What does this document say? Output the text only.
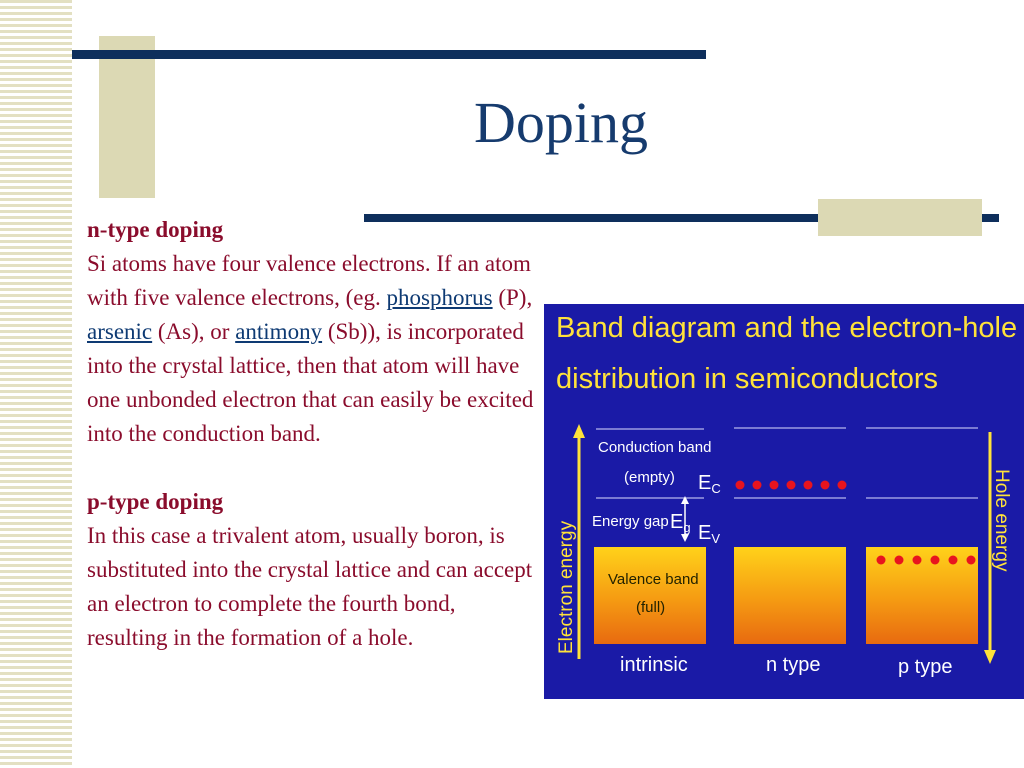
Doping

n-type doping

Si atoms have four valence electrons. If an atom with five valence electrons, (eg. phosphorus (P), arsenic (As), or antimony (Sb)), is incorporated into the crystal lattice, then that atom will have one unbonded electron that can easily be excited into the conduction band.

p-type doping

In this case a trivalent atom, usually boron, is substituted into the crystal lattice and can accept an electron to complete the fourth bond, resulting in the formation of a hole.

Band diagram and the electron-hole
distribution in semiconductors
Electron energy
Hole energy
Conduction band
(empty)
Energy gap
$E_C$
$E_g$ $E_V$
Valence band
(full)
intrinsic	n type	p type
